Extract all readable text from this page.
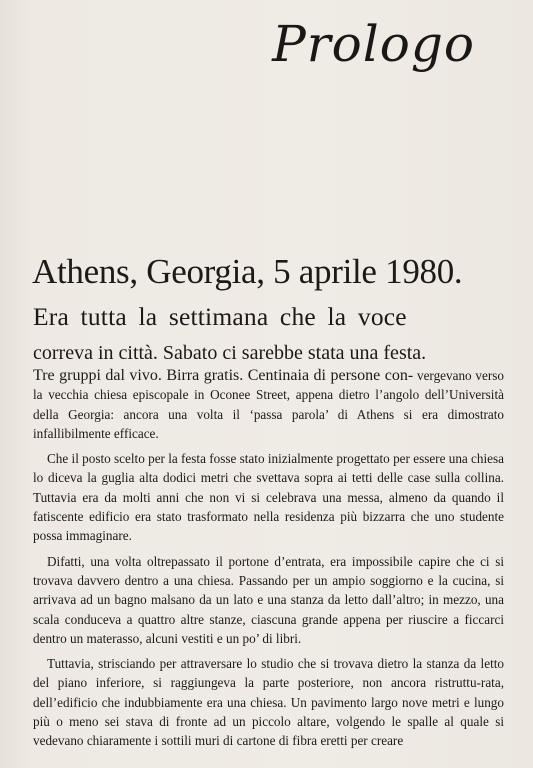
Prologo
Athens, Georgia, 5 aprile 1980.
Era tutta la settimana che la voce
correva in città. Sabato ci sarebbe stata una festa.

Tre gruppi dal vivo. Birra gratis. Centinaia di persone con- vergevano verso la vecchia chiesa episcopale in Oconee Street, appena dietro l’angolo dell’Università della Georgia: ancora una volta il ‘passa parola’ di Athens si era dimostrato infallibilmente efficace.

Che il posto scelto per la festa fosse stato inizialmente progettato per essere una chiesa lo diceva la guglia alta dodici metri che svettava sopra ai tetti delle case sulla collina. Tuttavia era da molti anni che non vi si celebrava una messa, almeno da quando il fatiscente edificio era stato trasformato nella residenza più bizzarra che uno studente possa immaginare.

Difatti, una volta oltrepassato il portone d’entrata, era impossibile capire che ci si trovava davvero dentro a una chiesa. Passando per un ampio soggiorno e la cucina, si arrivava ad un bagno malsano da un lato e una stanza da letto dall’altro; in mezzo, una scala conduceva a quattro altre stanze, ciascuna grande appena per riuscire a ficcarci dentro un materasso, alcuni vestiti e un po’ di libri.

Tuttavia, strisciando per attraversare lo studio che si trovava dietro la stanza da letto del piano inferiore, si raggiungeva la parte posteriore, non ancora ristruttu-rata, dell’edificio che indubbiamente era una chiesa. Un pavimento largo nove metri e lungo più o meno sei stava di fronte ad un piccolo altare, volgendo le spalle al quale si vedevano chiaramente i sottili muri di cartone di fibra eretti per creare
